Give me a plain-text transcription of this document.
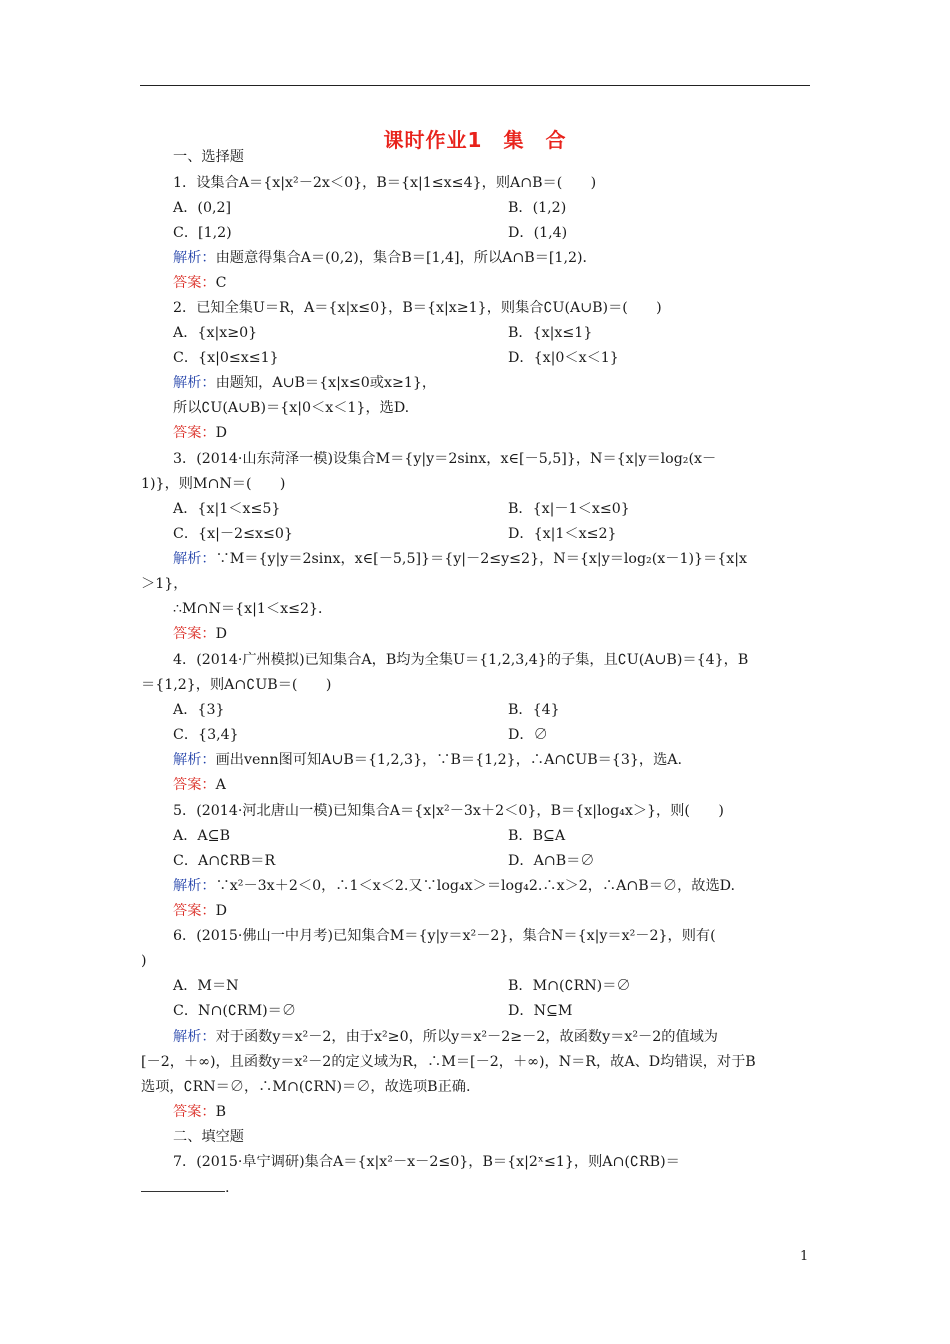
课时作业1　集　合
一、选择题
1．设集合A＝{x|x²－2x＜0}，B＝{x|1≤x≤4}，则A∩B＝(　　)
A．(0,2]	B．(1,2)
C．[1,2)	D．(1,4)
解析：由题意得集合A＝(0,2)，集合B＝[1,4]，所以A∩B＝[1,2)．
答案：C
2．已知全集U＝R，A＝{x|x≤0}，B＝{x|x≥1}，则集合∁U(A∪B)＝(　　)
A．{x|x≥0}	B．{x|x≤1}
C．{x|0≤x≤1}	D．{x|0＜x＜1}
解析：由题知，A∪B＝{x|x≤0或x≥1}，
所以∁U(A∪B)＝{x|0＜x＜1}，选D.
答案：D
3．(2014·山东菏泽一模)设集合M＝{y|y＝2sinx，x∈[－5,5]}，N＝{x|y＝log₂(x－
1)}，则M∩N＝(　　)
A．{x|1＜x≤5}	B．{x|－1＜x≤0}
C．{x|－2≤x≤0}	D．{x|1＜x≤2}
解析：∵M＝{y|y＝2sinx，x∈[－5,5]}＝{y|－2≤y≤2}，N＝{x|y＝log₂(x－1)}＝{x|x
＞1}，
∴M∩N＝{x|1＜x≤2}．
答案：D
4．(2014·广州模拟)已知集合A，B均为全集U＝{1,2,3,4}的子集，且∁U(A∪B)＝{4}，B
＝{1,2}，则A∩∁UB＝(　　)
A．{3}	B．{4}
C．{3,4}	D．∅
解析：画出venn图可知A∪B＝{1,2,3}，∵B＝{1,2}，∴A∩∁UB＝{3}，选A.
答案：A
5．(2014·河北唐山一模)已知集合A＝{x|x²－3x＋2＜0}，B＝{x|log₄x＞}，则(　　)
A．A⊆B	B．B⊆A
C．A∩∁RB＝R	D．A∩B＝∅
解析：∵x²－3x＋2＜0，∴1＜x＜2.又∵log₄x＞＝log₄2.∴x＞2，∴A∩B＝∅，故选D.
答案：D
6．(2015·佛山一中月考)已知集合M＝{y|y＝x²－2}，集合N＝{x|y＝x²－2}，则有(
)
A．M＝N	B．M∩(∁RN)＝∅
C．N∩(∁RM)＝∅	D．N⊆M
解析：对于函数y＝x²－2，由于x²≥0，所以y＝x²－2≥－2，故函数y＝x²－2的值域为
[－2，＋∞)，且函数y＝x²－2的定义域为R，∴M＝[－2，＋∞)，N＝R，故A、D均错误，对于B
选项，∁RN＝∅，∴M∩(∁RN)＝∅，故选项B正确.
答案：B
二、填空题
7．(2015·阜宁调研)集合A＝{x|x²－x－2≤0}，B＝{x|2ˣ≤1}，则A∩(∁RB)＝
.
1
